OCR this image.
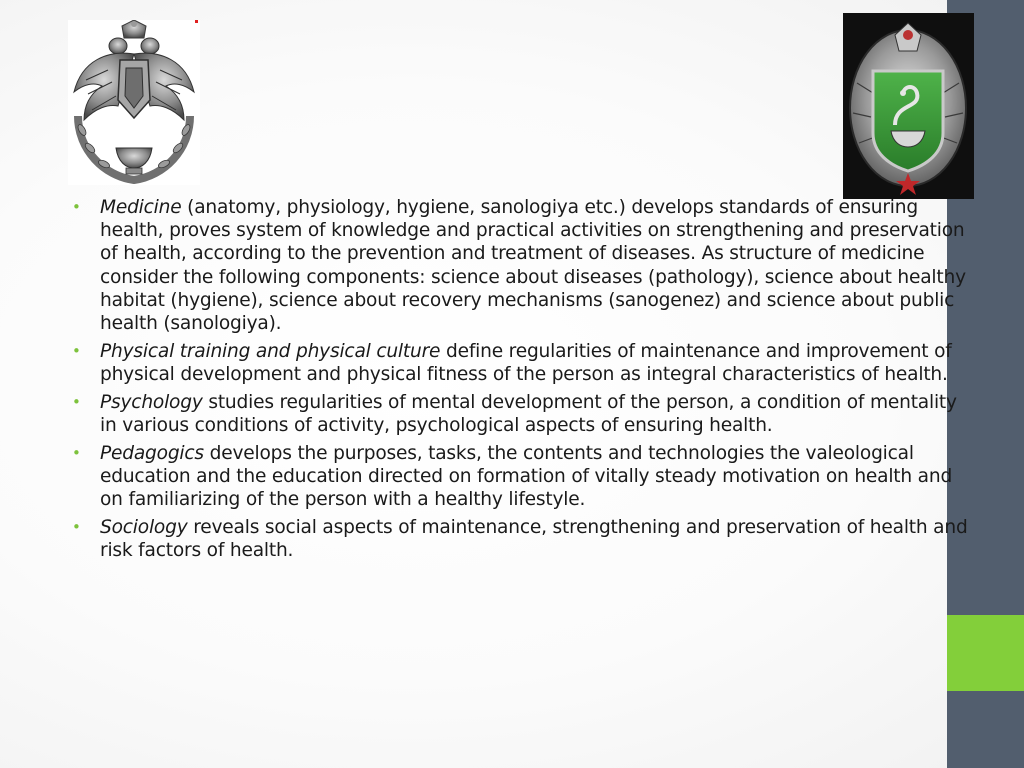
• Medicine (anatomy, physiology, hygiene, sanologiya etc.) develops standards of ensuring health, proves system of knowledge and practical activities on strengthening and preservation of health, according to the prevention and treatment of diseases. As structure of medicine consider the following components: science about diseases (pathology), science about healthy habitat (hygiene), science about recovery mechanisms (sanogenez) and science about public health (sanologiya).
• Physical training and physical culture define regularities of maintenance and improvement of physical development and physical fitness of the person as integral characteristics of health.
• Psychology studies regularities of mental development of the person, a condition of mentality in various conditions of activity, psychological aspects of ensuring health.
• Pedagogics develops the purposes, tasks, the contents and technologies the valeological education and the education directed on formation of vitally steady motivation on health and on familiarizing of the person with a healthy lifestyle.
• Sociology reveals social aspects of maintenance, strengthening and preservation of health and risk factors of health.
